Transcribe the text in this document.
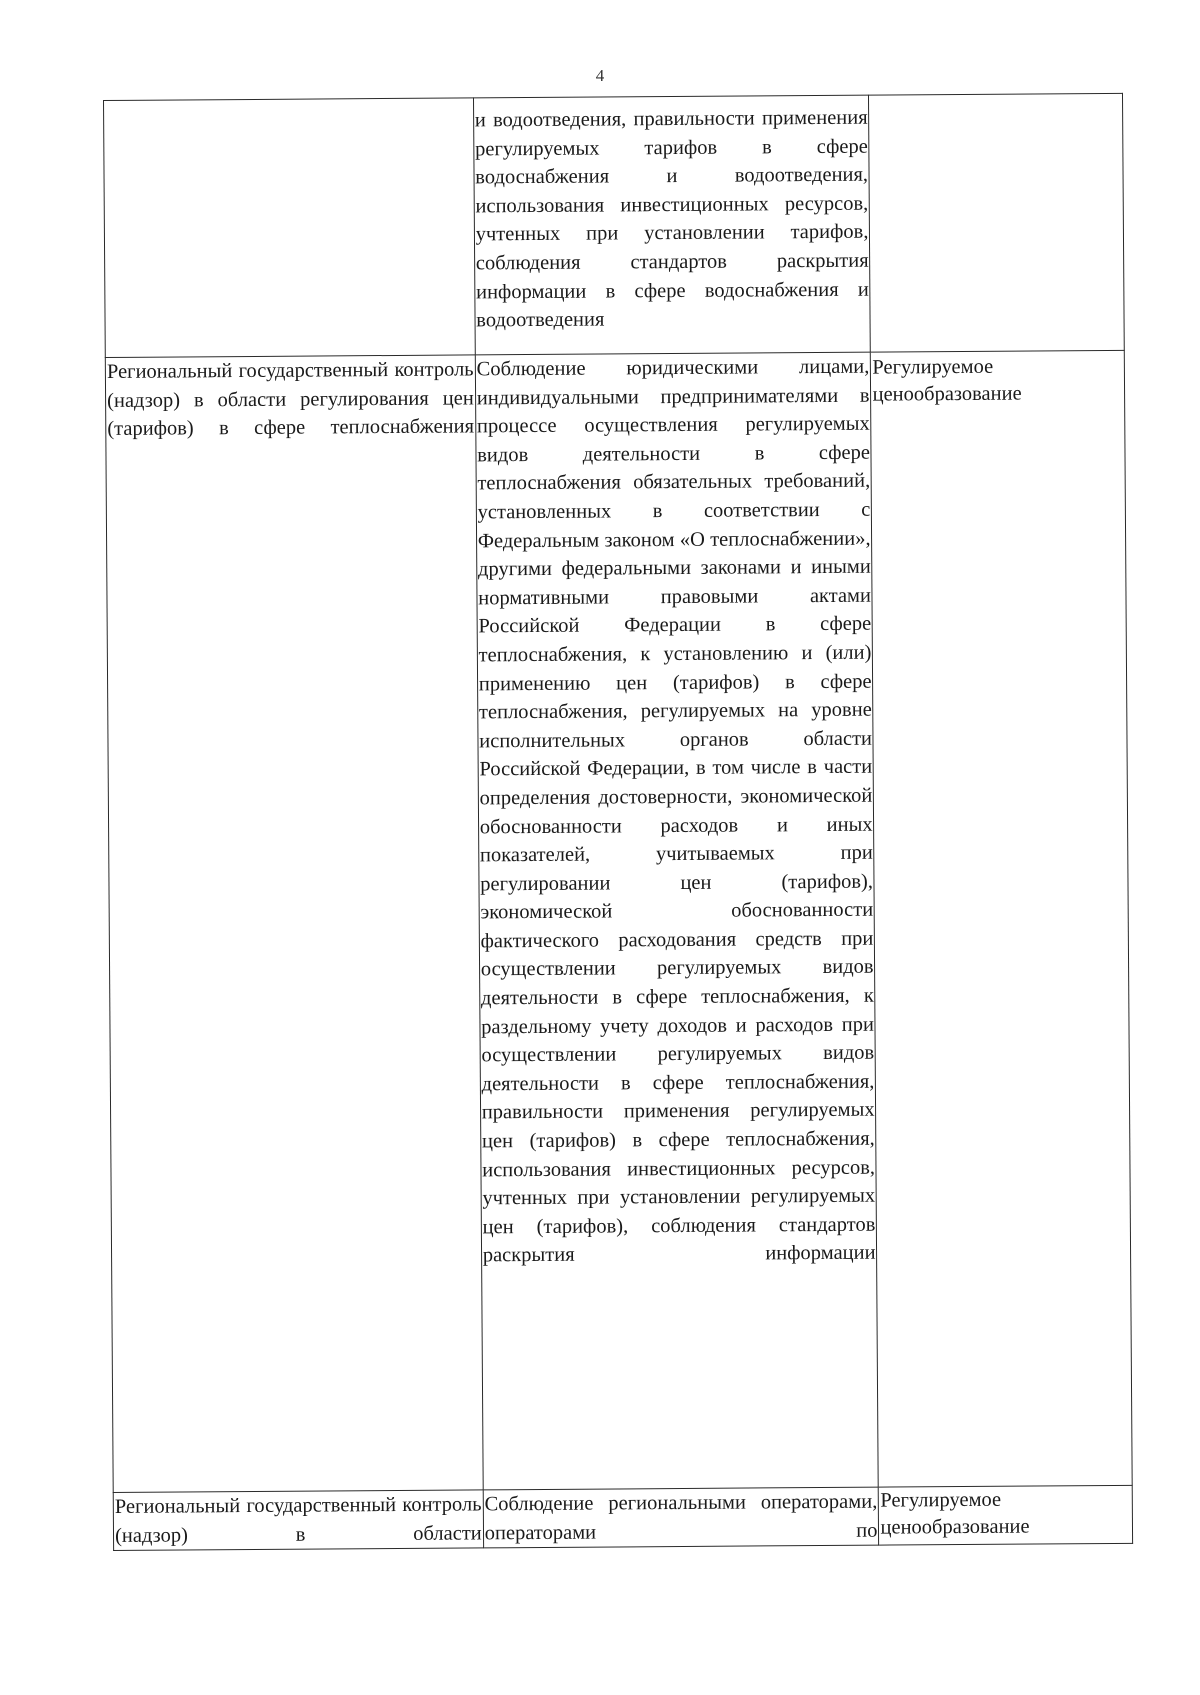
4
	и водоотведения, правильности применения регулируемых тарифов в сфере водоснабжения и водоотведения, использования инвестиционных ресурсов, учтенных при установлении тарифов, соблюдения стандартов раскрытия информации в сфере водоснабжения и водоотведения	
Региональный государственный контроль (надзор) в области регулирования цен (тарифов) в сфере теплоснабжения	Соблюдение юридическими лицами, индивидуальными предпринимателями в процессе осуществления регулируемых видов деятельности в сфере теплоснабжения обязательных требований, установленных в соответствии с Федеральным законом «О теплоснабжении», другими федеральными законами и иными нормативными правовыми актами Российской Федерации в сфере теплоснабжения, к установлению и (или) применению цен (тарифов) в сфере теплоснабжения, регулируемых на уровне исполнительных органов области Российской Федерации, в том числе в части определения достоверности, экономической обоснованности расходов и иных показателей, учитываемых при регулировании цен (тарифов), экономической обоснованности фактического расходования средств при осуществлении регулируемых видов деятельности в сфере теплоснабжения, к раздельному учету доходов и расходов при осуществлении регулируемых видов деятельности в сфере теплоснабжения, правильности применения регулируемых цен (тарифов) в сфере теплоснабжения, использования инвестиционных ресурсов, учтенных при установлении регулируемых цен (тарифов), соблюдения стандартов раскрытия информации	Регулируемое ценообразование
Региональный государственный контроль (надзор) в области	Соблюдение региональными операторами, операторами по	Регулируемое ценообразование
